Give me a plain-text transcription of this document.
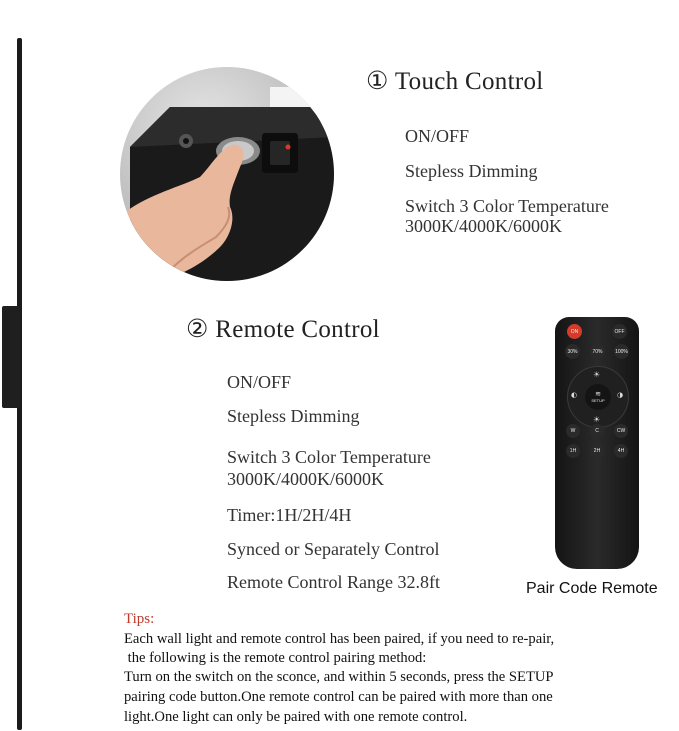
① Touch Control
ON/OFF
Stepless Dimming
Switch 3 Color Temperature
3000K/4000K/6000K
② Remote Control
ON/OFF
Stepless Dimming
Switch 3 Color Temperature
3000K/4000K/6000K
Timer:1H/2H/4H
Synced or Separately Control
Remote Control Range 32.8ft
ON	OFF
30%	70%	100%
☀
☀
◐	◑
≋
SETUP
W	C	CW
1H	2H	4H
Pair Code Remote
Tips:
Each wall light and remote control has been paired, if you need to re-pair,
the following is the remote control pairing method:
Turn on the switch on the sconce, and within 5 seconds, press the SETUP
pairing code button.One remote control can be paired with more than one
light.One light can only be paired with one remote control.
